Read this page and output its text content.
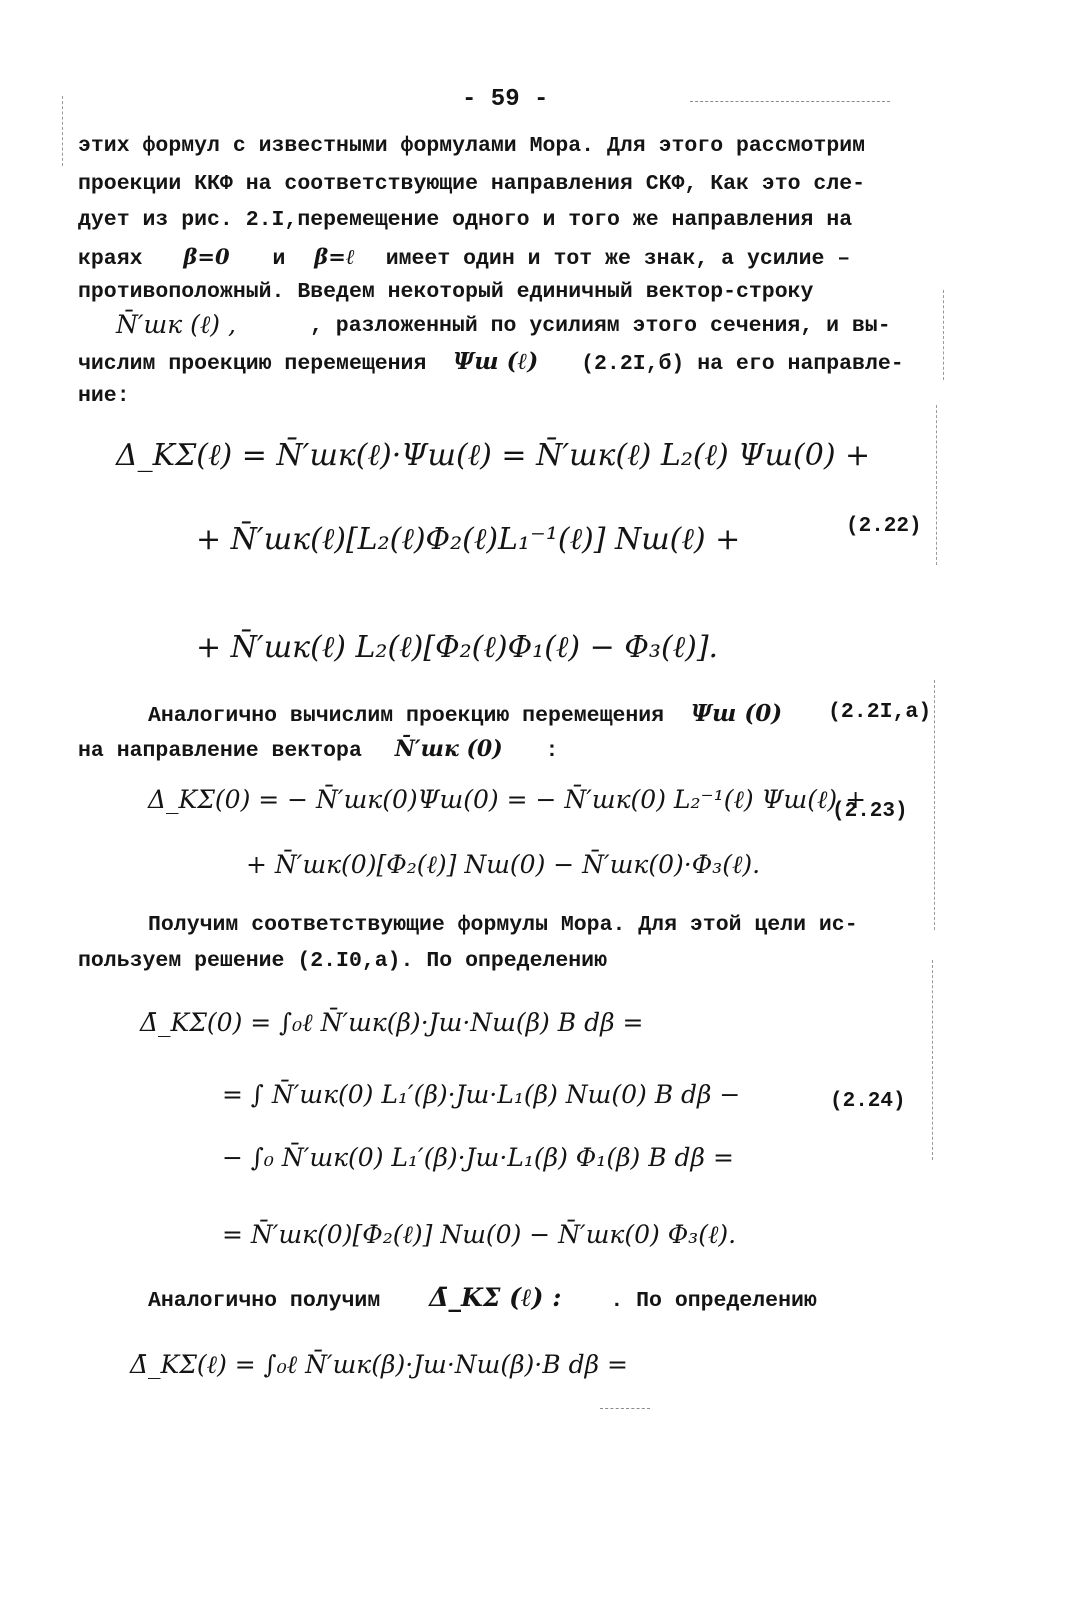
- 59 -
этих формул с известными формулами Мора. Для этого рассмотрим
проекции ККФ на соответствующие направления СКФ, Как это сле-
дует из рис. 2.I,перемещение одного и того же направления на
краях β=0 и β=ℓ имеет один и тот же знак, а усилие –
противоположный. Введем некоторый единичный вектор-строку
N̄′шк (ℓ) ,	, разложенный по усилиям этого сечения, и вы-
числим проекцию перемещения Ψш (ℓ) (2.2I,б) на его направле-
ние:
Δ_KΣ(ℓ) = N̄′шк(ℓ)·Ψш(ℓ) = N̄′шк(ℓ) L₂(ℓ) Ψш(0) +
+ N̄′шк(ℓ)[L₂(ℓ)Φ₂(ℓ)L₁⁻¹(ℓ)] Nш(ℓ) +	(2.22)
+ N̄′шк(ℓ) L₂(ℓ)[Φ₂(ℓ)Φ₁(ℓ) − Φ₃(ℓ)].
Аналогично вычислим проекцию перемещения Ψш (0) (2.2I,а)
на направление вектора N̄′шк (0) :
Δ_KΣ(0) = − N̄′шк(0)Ψш(0) = − N̄′шк(0) L₂⁻¹(ℓ) Ψш(ℓ) +
(2.23)
+ N̄′шк(0)[Φ₂(ℓ)] Nш(0) − N̄′шк(0)·Φ₃(ℓ).
Получим соответствующие формулы Мора. Для этой цели ис-
пользуем решение (2.I0,а). По определению
Δ̄_KΣ(0) = ∫₀ℓ N̄′шк(β)·Jш·Nш(β) B dβ =
= ∫ N̄′шк(0) L₁′(β)·Jш·L₁(β) Nш(0) B dβ −	(2.24)
− ∫₀ N̄′шк(0) L₁′(β)·Jш·L₁(β) Φ₁(β) B dβ =
= N̄′шк(0)[Φ₂(ℓ)] Nш(0) − N̄′шк(0) Φ₃(ℓ).
Аналогично получим Δ̄_KΣ (ℓ) : . По определению
Δ̄_KΣ(ℓ) = ∫₀ℓ N̄′шк(β)·Jш·Nш(β)·B dβ =
